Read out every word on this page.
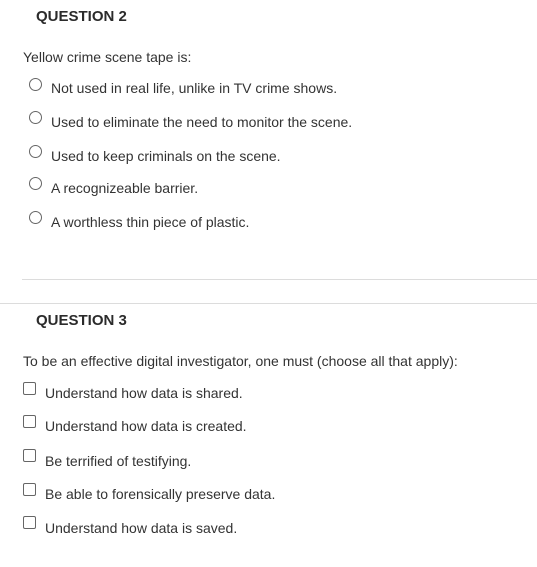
QUESTION 2
Yellow crime scene tape is:
Not used in real life, unlike in TV crime shows.
Used to eliminate the need to monitor the scene.
Used to keep criminals on the scene.
A recognizeable barrier.
A worthless thin piece of plastic.
QUESTION 3
To be an effective digital investigator, one must (choose all that apply):
Understand how data is shared.
Understand how data is created.
Be terrified of testifying.
Be able to forensically preserve data.
Understand how data is saved.
